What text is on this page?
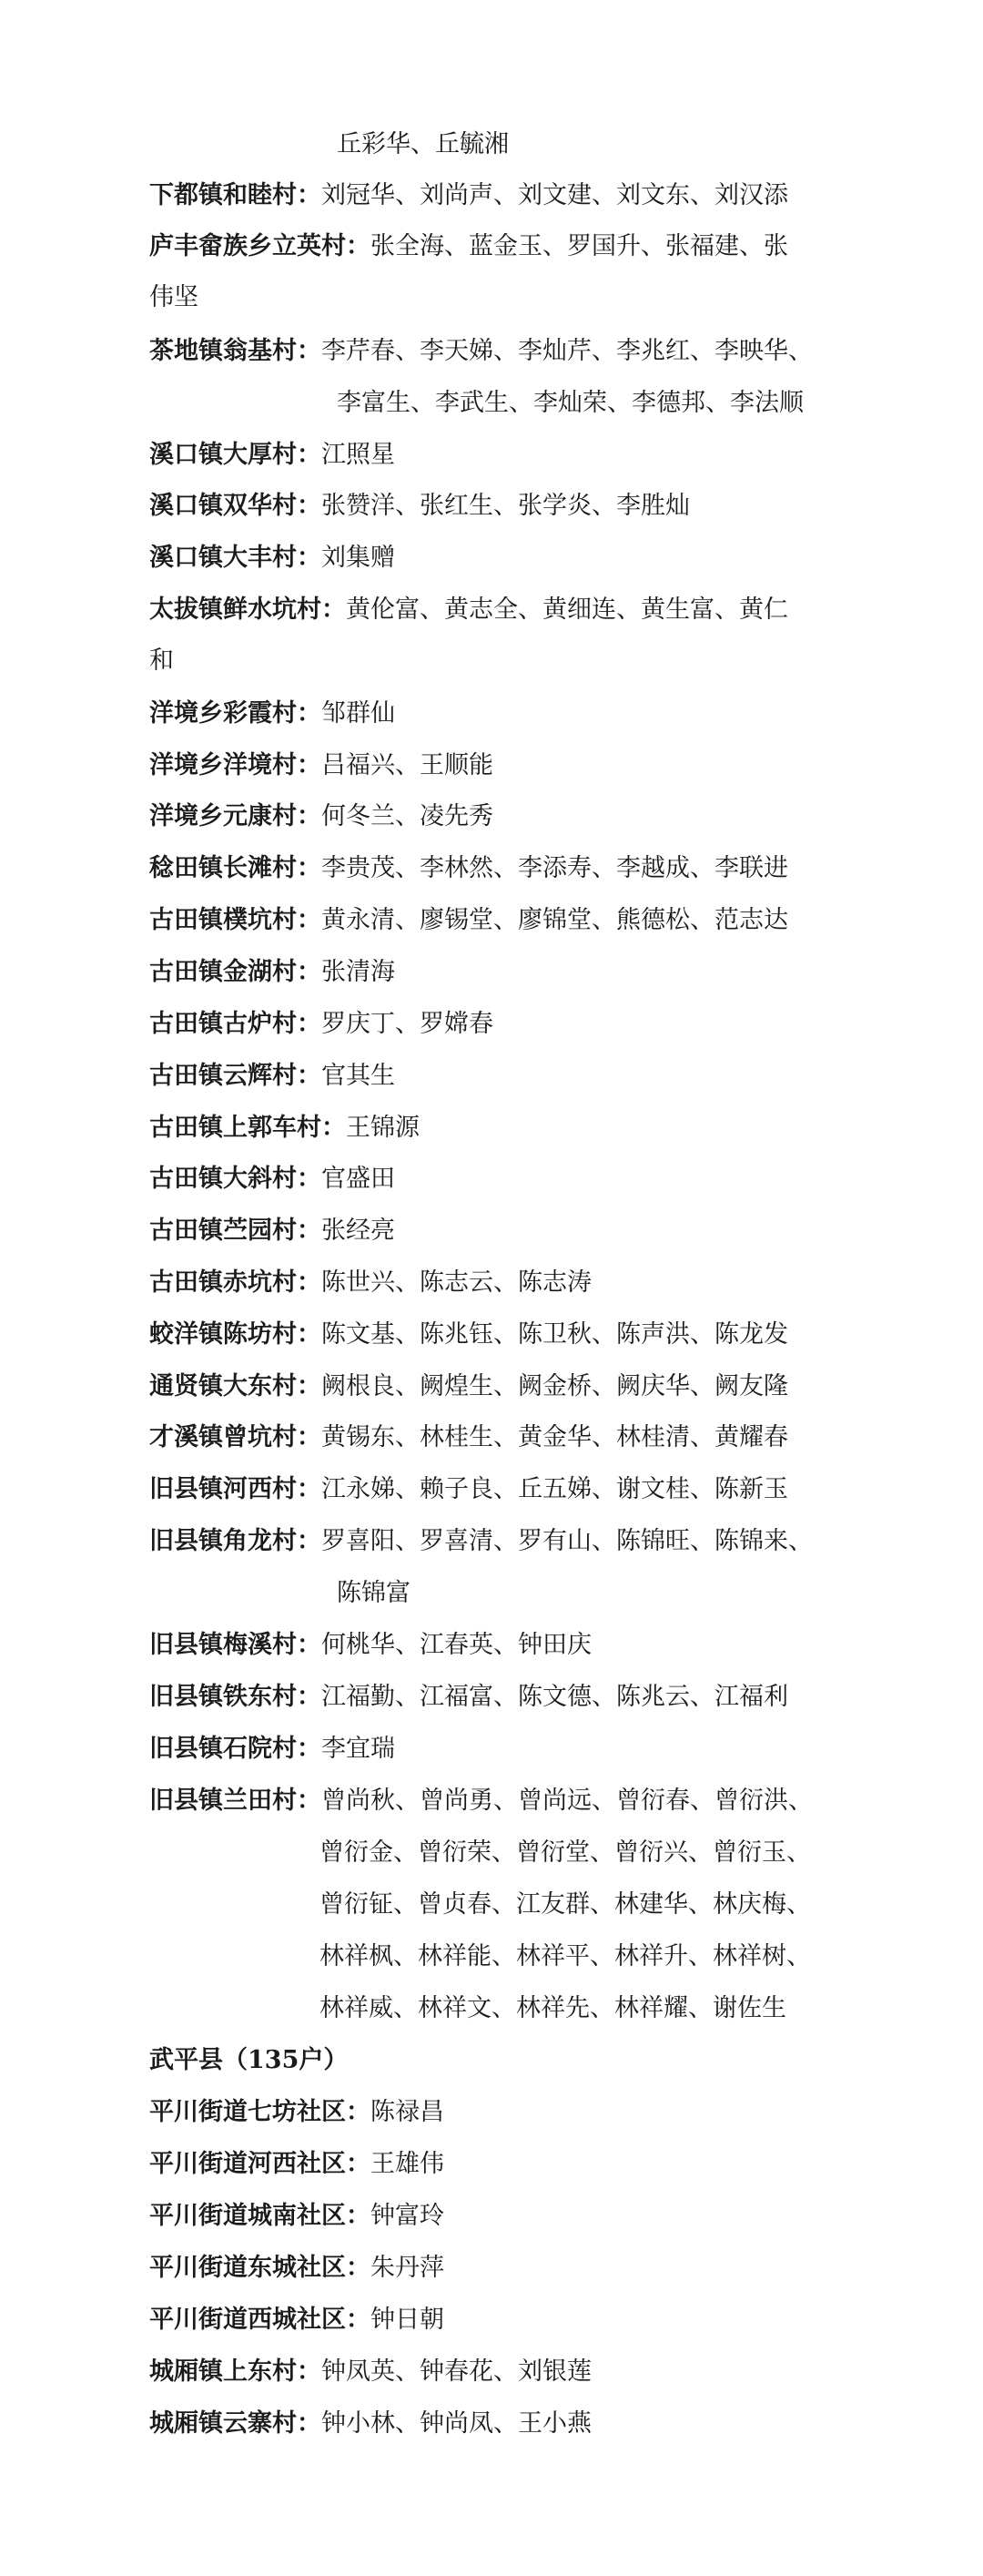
丘彩华、丘毓湘
下都镇和睦村：刘冠华、刘尚声、刘文建、刘文东、刘汉添
庐丰畲族乡立英村：张全海、蓝金玉、罗国升、张福建、张
伟坚
茶地镇翁基村：李芹春、李天娣、李灿芹、李兆红、李映华、
李富生、李武生、李灿荣、李德邦、李法顺
溪口镇大厚村：江照星
溪口镇双华村：张赞洋、张红生、张学炎、李胜灿
溪口镇大丰村：刘集赠
太拔镇鲜水坑村：黄伦富、黄志全、黄细连、黄生富、黄仁
和
洋境乡彩霞村：邹群仙
洋境乡洋境村：吕福兴、王顺能
洋境乡元康村：何冬兰、凌先秀
稔田镇长滩村：李贵茂、李林然、李添寿、李越成、李联进
古田镇樸坑村：黄永清、廖锡堂、廖锦堂、熊德松、范志达
古田镇金湖村：张清海
古田镇古炉村：罗庆丁、罗嫦春
古田镇云辉村：官其生
古田镇上郭车村：王锦源
古田镇大斜村：官盛田
古田镇苎园村：张经亮
古田镇赤坑村：陈世兴、陈志云、陈志涛
蛟洋镇陈坊村：陈文基、陈兆钰、陈卫秋、陈声洪、陈龙发
通贤镇大东村：阙根良、阙煌生、阙金桥、阙庆华、阙友隆
才溪镇曾坑村：黄锡东、林桂生、黄金华、林桂清、黄耀春
旧县镇河西村：江永娣、赖子良、丘五娣、谢文桂、陈新玉
旧县镇角龙村：罗喜阳、罗喜清、罗有山、陈锦旺、陈锦来、
陈锦富
旧县镇梅溪村：何桃华、江春英、钟田庆
旧县镇铁东村：江福勤、江福富、陈文德、陈兆云、江福利
旧县镇石院村：李宜瑞
旧县镇兰田村：曾尚秋、曾尚勇、曾尚远、曾衍春、曾衍洪、
曾衍金、曾衍荣、曾衍堂、曾衍兴、曾衍玉、
曾衍钲、曾贞春、江友群、林建华、林庆梅、
林祥枫、林祥能、林祥平、林祥升、林祥树、
林祥威、林祥文、林祥先、林祥耀、谢佐生
武平县（135户）
平川街道七坊社区：陈禄昌
平川街道河西社区：王雄伟
平川街道城南社区：钟富玲
平川街道东城社区：朱丹萍
平川街道西城社区：钟日朝
城厢镇上东村：钟凤英、钟春花、刘银莲
城厢镇云寨村：钟小林、钟尚凤、王小燕
